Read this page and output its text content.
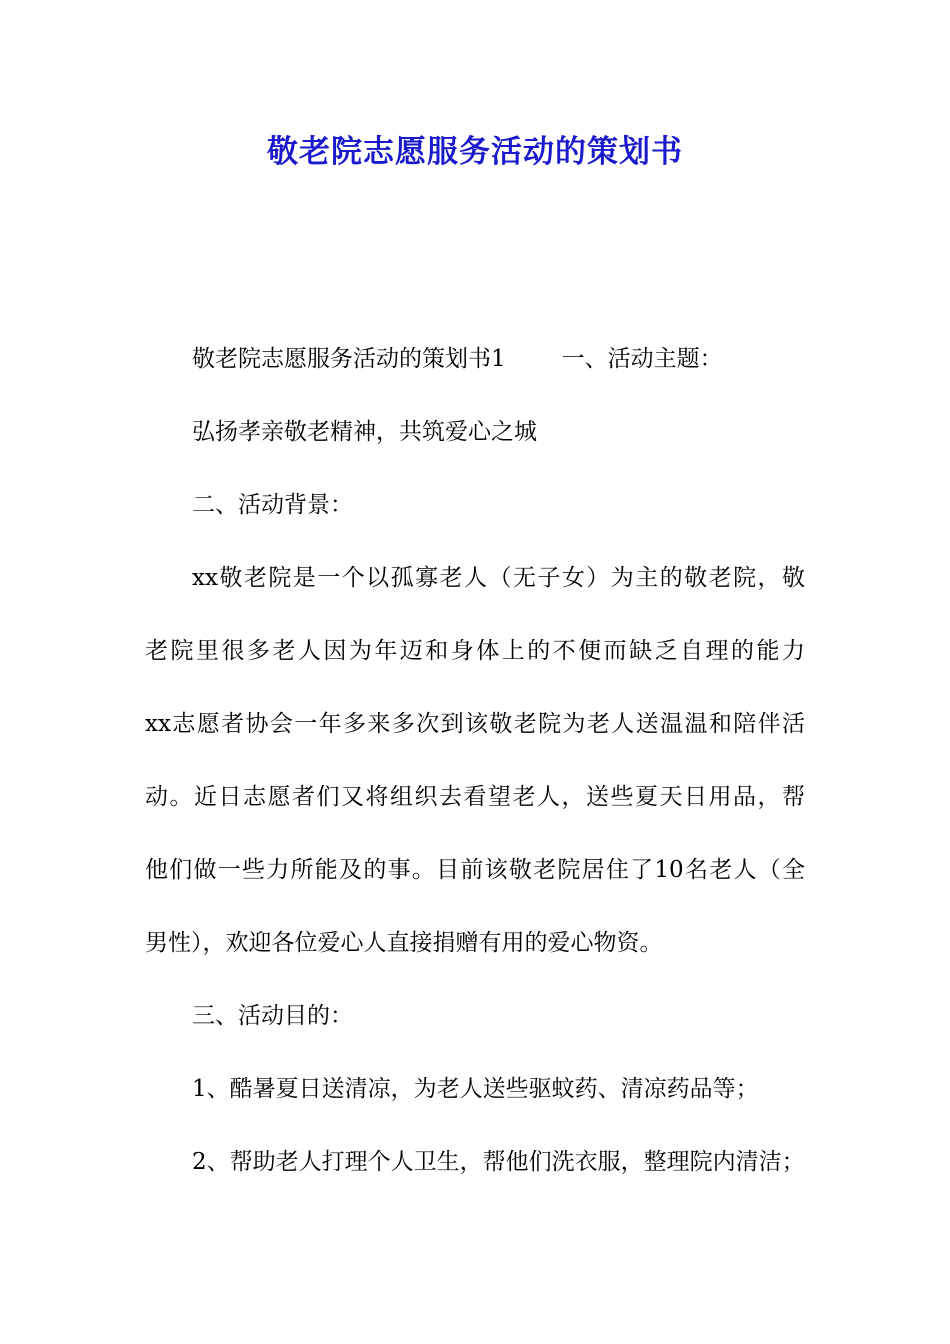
敬老院志愿服务活动的策划书
敬老院志愿服务活动的策划书1 一、活动主题：
弘扬孝亲敬老精神，共筑爱心之城
二、活动背景：
xx敬老院是一个以孤寡老人（无子女）为主的敬老院，敬
老院里很多老人因为年迈和身体上的不便而缺乏自理的能力
xx志愿者协会一年多来多次到该敬老院为老人送温温和陪伴活
动。近日志愿者们又将组织去看望老人，送些夏天日用品，帮
他们做一些力所能及的事。目前该敬老院居住了10名老人（全
男性），欢迎各位爱心人直接捐赠有用的爱心物资。
三、活动目的：
1、酷暑夏日送清凉，为老人送些驱蚊药、清凉药品等；
2、帮助老人打理个人卫生，帮他们洗衣服，整理院内清洁；
